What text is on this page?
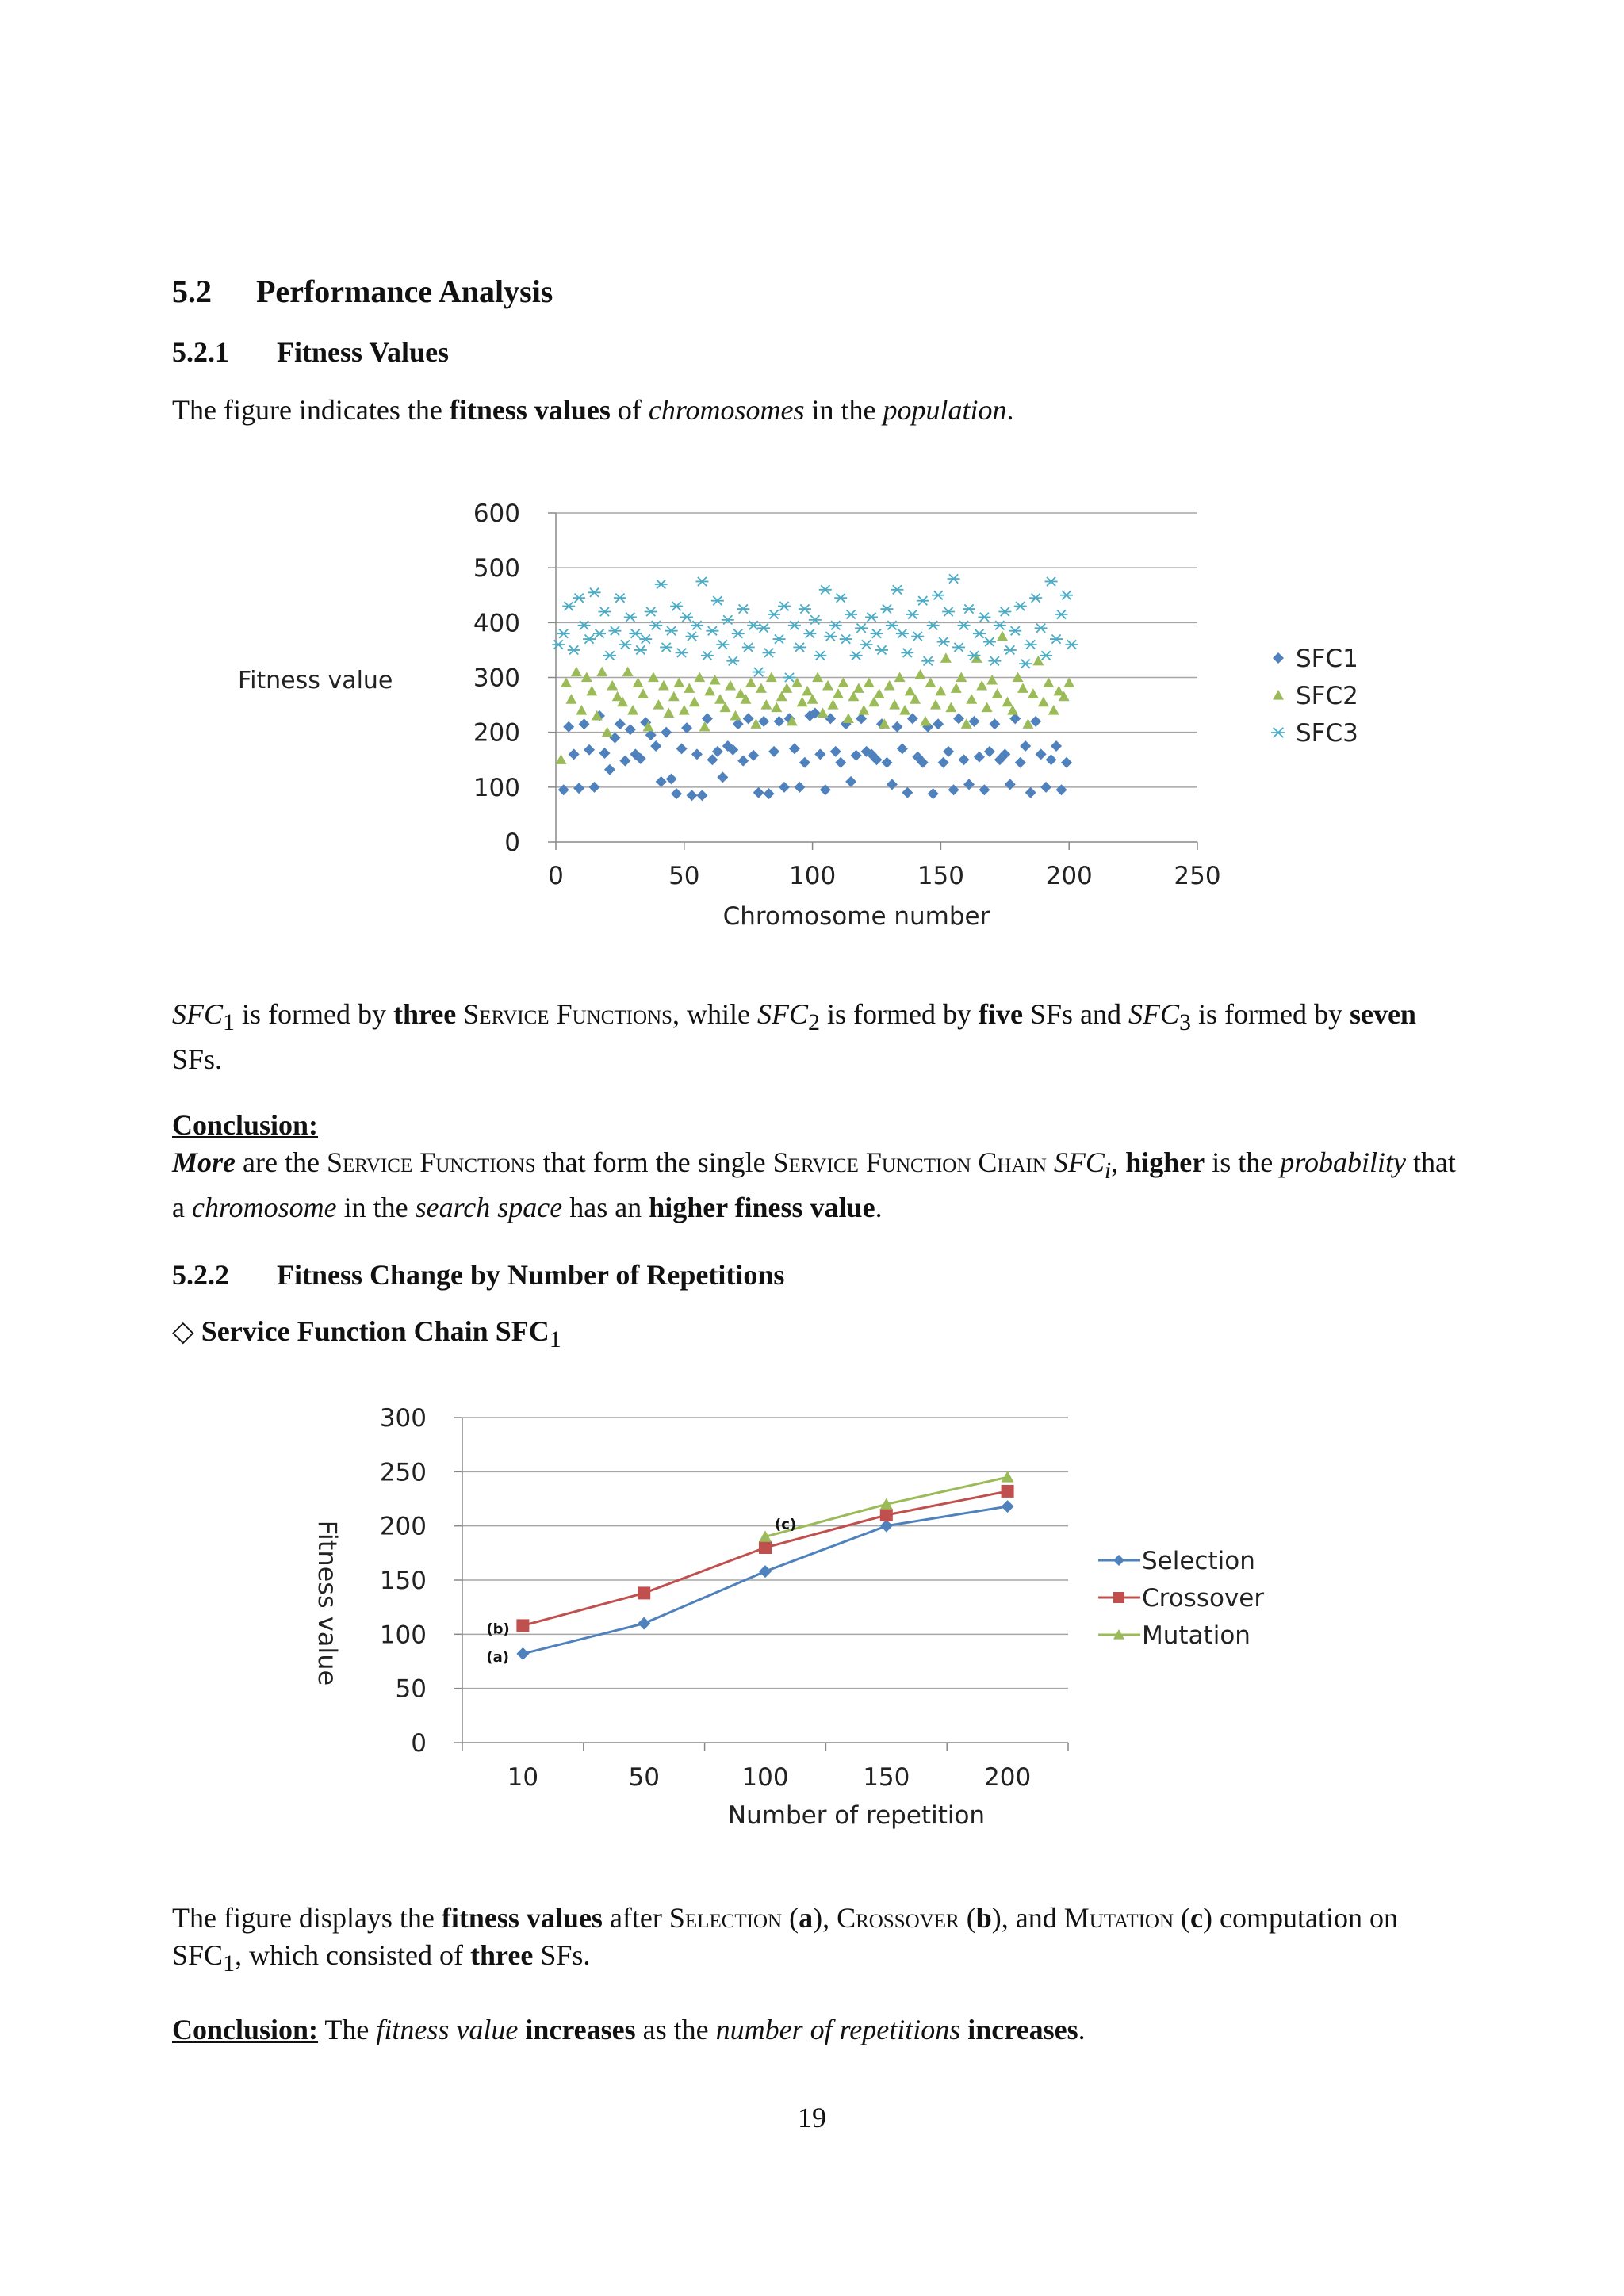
5.2 Performance Analysis
5.2.1 Fitness Values

The figure indicates the fitness values of chromosomes in the population.

0
100
200
300
400
500
600
0	50	100	150	200	250
SFC1
SFC2
SFC3
Fitness value
Chromosome number

$SFC_1$ is formed by three Service Functions, while $SFC_2$ is formed by five SFs and $SFC_3$ is formed by seven SFs.

Conclusion:
More are the Service Functions that form the single Service Function Chain $SFC_i$, higher is the probability that a chromosome in the search space has an higher finess value.

5.2.2 Fitness Change by Number of Repetitions
◇ Service Function Chain $SFC_1$
0
50
100
150
200
250
300
10	50	100	150	200
(a)
(b)
(c)
Selection
Crossover
Mutation
Fitness value
Number of repetition

The figure displays the fitness values after Selection (a), Crossover (b), and Mutation (c) computation on $SFC_1$, which consisted of three SFs.

Conclusion: The fitness value increases as the number of repetitions increases.

19
